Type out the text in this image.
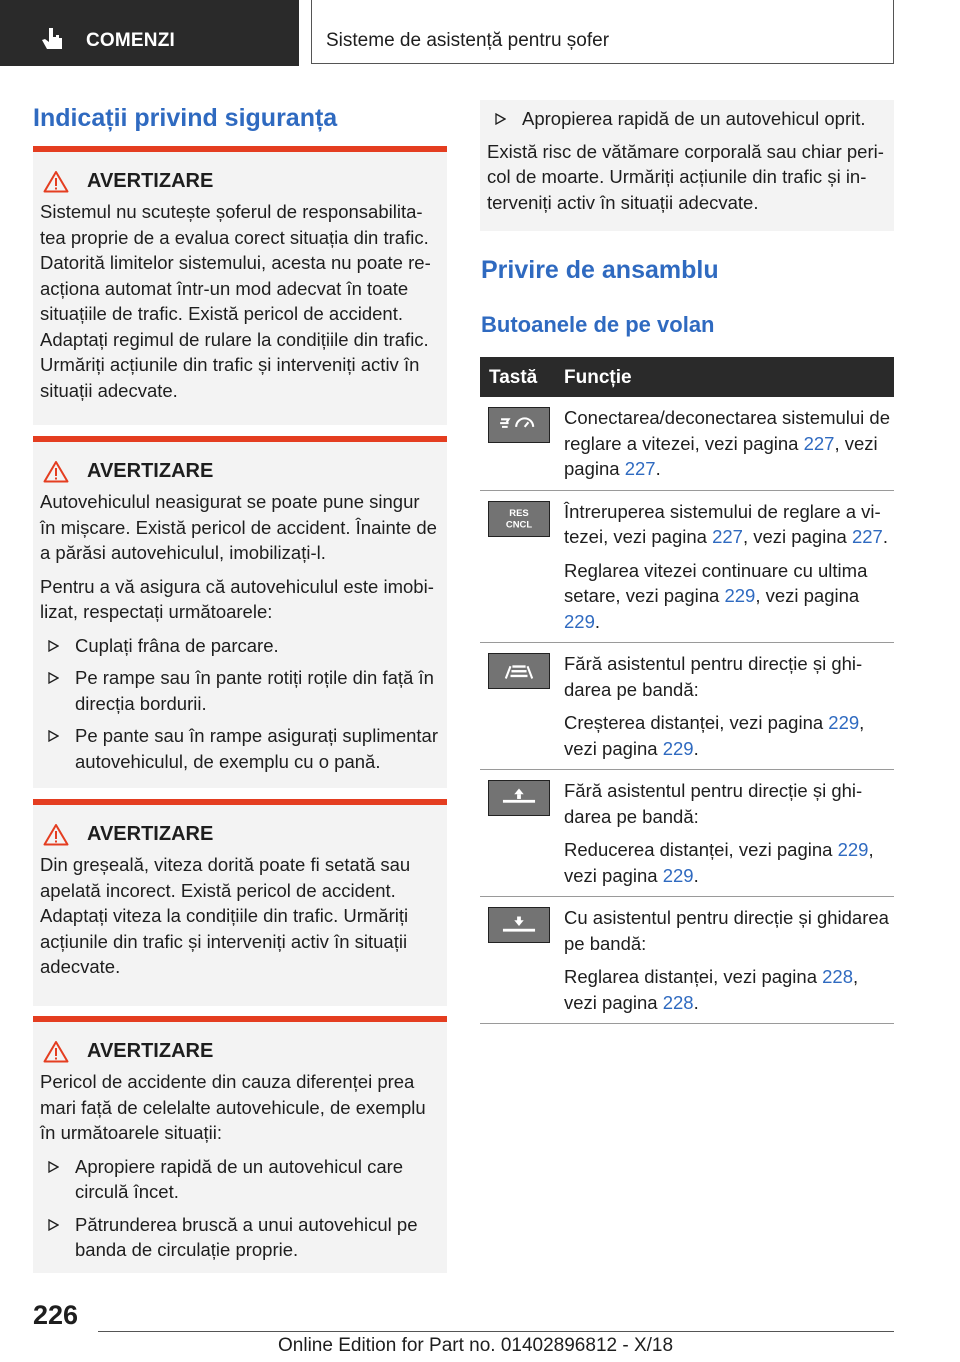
COMENZI	Sisteme de asistență pentru șofer
Indicații privind siguranța
AVERTIZARE

Sistemul nu scutește șoferul de responsabilitatea proprie de a evalua corect situația din trafic. Datorită limitelor sistemului, acesta nu poate reacționa automat într-un mod adecvat în toate situațiile de trafic. Există pericol de accident. Adaptați regimul de rulare la condițiile din trafic. Urmăriți acțiunile din trafic și interveniți activ în situații adecvate.

AVERTIZARE

Autovehiculul neasigurat se poate pune singur în mișcare. Există pericol de accident. Înainte de a părăsi autovehiculul, imobilizați-l.

Pentru a vă asigura că autovehiculul este imobilizat, respectați următoarele:

Cuplați frâna de parcare.
Pe rampe sau în pante rotiți roțile din față în direcția bordurii.
Pe pante sau în rampe asigurați suplimentar autovehiculul, de exemplu cu o pană.
AVERTIZARE

Din greșeală, viteza dorită poate fi setată sau apelată incorect. Există pericol de accident. Adaptați viteza la condițiile din trafic. Urmăriți acțiunile din trafic și interveniți activ în situații adecvate.

AVERTIZARE

Pericol de accidente din cauza diferenței prea mari față de celelalte autovehicule, de exemplu în următoarele situații:

Apropiere rapidă de un autovehicul care circulă încet.
Pătrunderea bruscă a unui autovehicul pe banda de circulație proprie.
Apropierea rapidă de un autovehicul oprit.

Există risc de vătămare corporală sau chiar pericol de moarte. Urmăriți acțiunile din trafic și interveniți activ în situații adecvate.

Privire de ansamblu
Butoanele de pe volan
Tastă Funcție

Conectarea/deconectarea sistemului de reglare a vitezei, vezi pagina 227, vezi pagina 227.

RES
CNCL

Întreruperea sistemului de reglare a vitezei, vezi pagina 227, vezi pagina 227.

Reglarea vitezei continuare cu ultima setare, vezi pagina 229, vezi pagina 229.

Fără asistentul pentru direcție și ghidarea pe bandă:

Creșterea distanței, vezi pagina 229, vezi pagina 229.

Fără asistentul pentru direcție și ghidarea pe bandă:

Reducerea distanței, vezi pagina 229, vezi pagina 229.

Cu asistentul pentru direcție și ghidarea pe bandă:

Reglarea distanței, vezi pagina 228, vezi pagina 228.

226
Online Edition for Part no. 01402896812 - X/18
